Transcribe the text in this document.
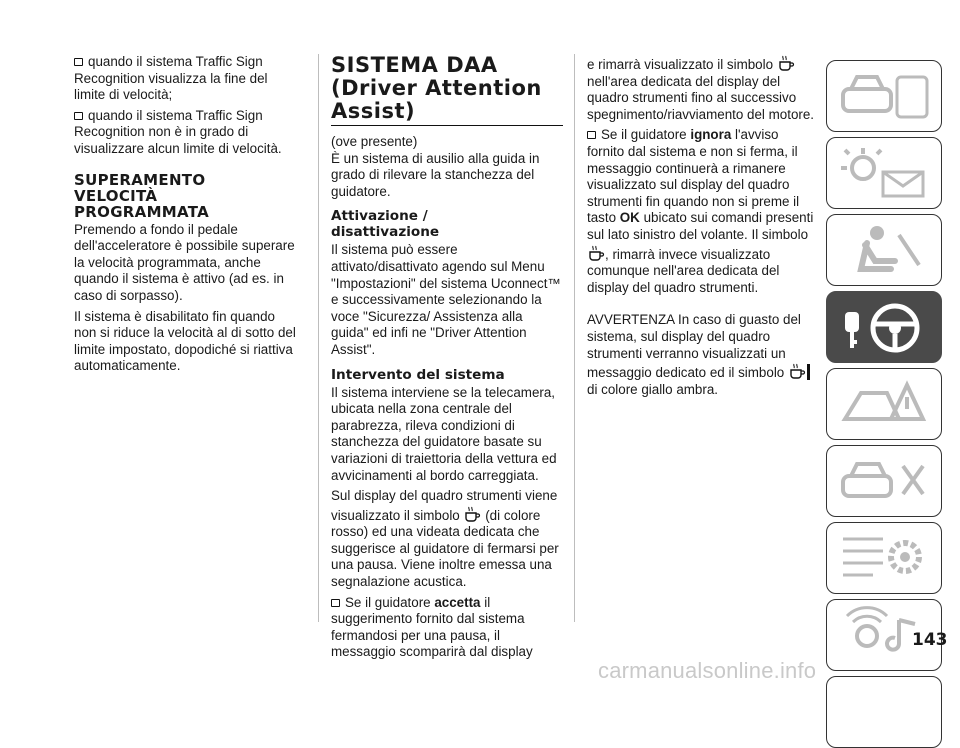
quando il sistema Traffic Sign Recognition visualizza la fine del limite di velocità;

quando il sistema Traffic Sign Recognition non è in grado di visualizzare alcun limite di velocità.

SUPERAMENTO
VELOCITÀ
PROGRAMMATA

Premendo a fondo il pedale dell'acceleratore è possibile superare la velocità programmata, anche quando il sistema è attivo (ad es. in caso di sorpasso).

Il sistema è disabilitato fin quando non si riduce la velocità al di sotto del limite impostato, dopodiché si riattiva automaticamente.

SISTEMA DAA
(Driver Attention
Assist)

(ove presente)

È un sistema di ausilio alla guida in grado di rilevare la stanchezza del guidatore.

Attivazione /
disattivazione

Il sistema può essere attivato/disattivato agendo sul Menu "Impostazioni" del sistema Uconnect™ e successivamente selezionando la voce "Sicurezza/ Assistenza alla guida" ed infi ne "Driver Attention Assist".

Intervento del sistema

Il sistema interviene se la telecamera, ubicata nella zona centrale del parabrezza, rileva condizioni di stanchezza del guidatore basate su variazioni di traiettoria della vettura ed avvicinamenti al bordo carreggiata.

Sul display del quadro strumenti viene visualizzato il simbolo (di colore rosso) ed una videata dedicata che suggerisce al guidatore di fermarsi per una pausa. Viene inoltre emessa una segnalazione acustica.

Se il guidatore accetta il suggerimento fornito dal sistema fermandosi per una pausa, il messaggio scomparirà dal display

e rimarrà visualizzato il simbolo  nell'area dedicata del display del quadro strumenti fino al successivo spegnimento/riavviamento del motore.

Se il guidatore ignora l'avviso fornito dal sistema e non si ferma, il messaggio continuerà a rimanere visualizzato sul display del quadro strumenti fin quando non si preme il tasto OK ubicato sui comandi presenti sul lato sinistro del volante. Il simbolo , rimarrà invece visualizzato comunque nell'area dedicata del display del quadro strumenti.

AVVERTENZA In caso di guasto del sistema, sul display del quadro strumenti verranno visualizzati un messaggio dedicato ed il simbolo  di colore giallo ambra.

143
carmanualsonline.info
